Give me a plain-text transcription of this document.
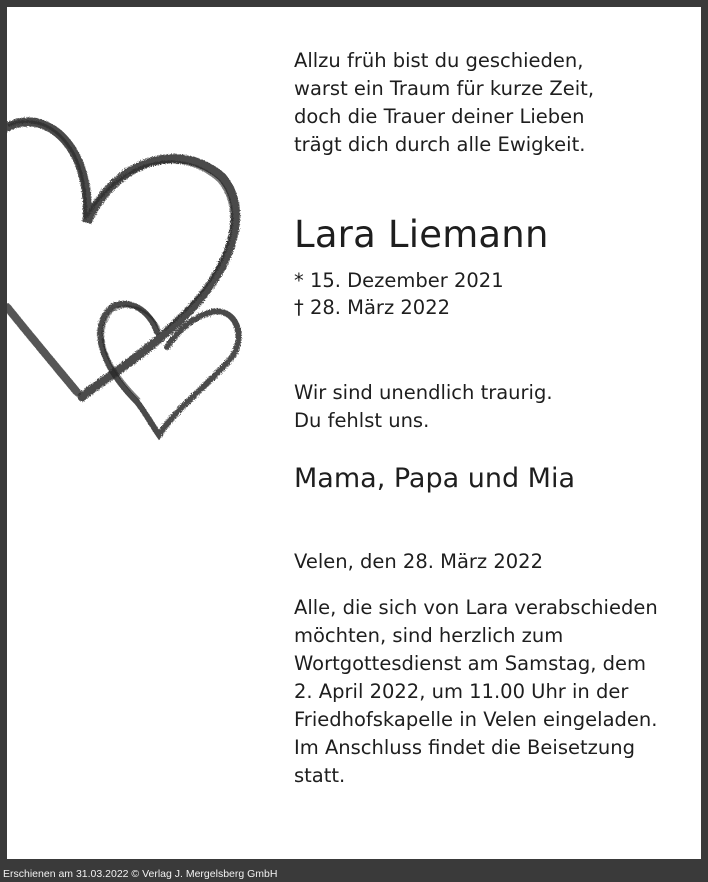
Allzu früh bist du geschieden,
warst ein Traum für kurze Zeit,
doch die Trauer deiner Lieben
trägt dich durch alle Ewigkeit.
Lara Liemann
* 15. Dezember 2021
† 28. März 2022
Wir sind unendlich traurig.
Du fehlst uns.
Mama, Papa und Mia
Velen, den 28. März 2022
Alle, die sich von Lara verabschieden
möchten, sind herzlich zum
Wortgottesdienst am Samstag, dem
2. April 2022, um 11.00 Uhr in der
Friedhofskapelle in Velen eingeladen.
Im Anschluss findet die Beisetzung
statt.
Erschienen am 31.03.2022 © Verlag J. Mergelsberg GmbH
